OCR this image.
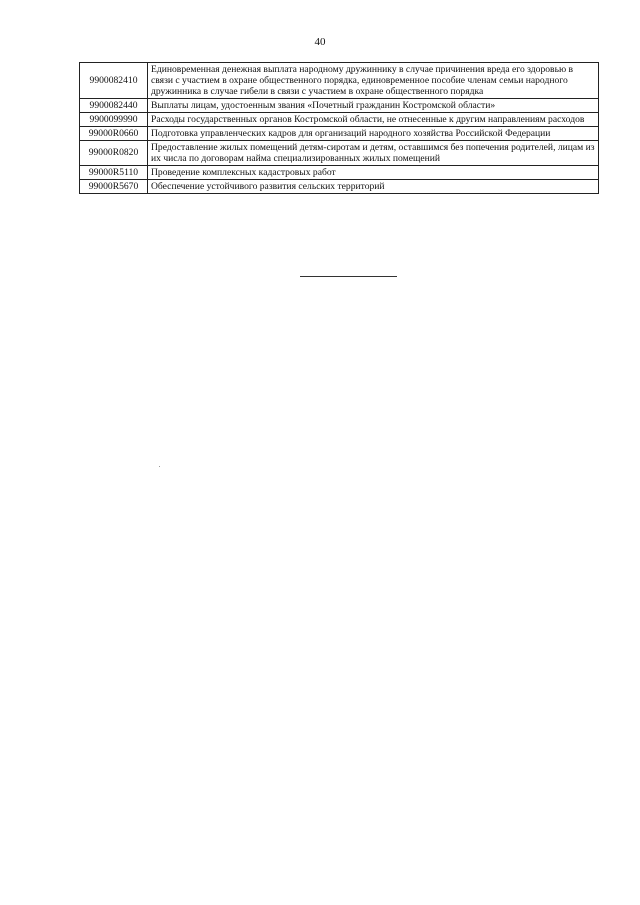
40
9900082410	Единовременная денежная выплата народному дружиннику в случае причинения вреда его здоровью в связи с участием в охране общественного порядка, единовременное пособие членам семьи народного дружинника в случае гибели в связи с участием в охране общественного порядка
9900082440	Выплаты лицам, удостоенным звания «Почетный гражданин Костромской области»
9900099990	Расходы государственных органов Костромской области, не отнесенные к другим направлениям расходов
99000R0660	Подготовка управленческих кадров для организаций народного хозяйства Российской Федерации
99000R0820	Предоставление жилых помещений детям-сиротам и детям, оставшимся без попечения родителей, лицам из их числа по договорам найма специализированных жилых помещений
99000R5110	Проведение комплексных кадастровых работ
99000R5670	Обеспечение устойчивого развития сельских территорий
